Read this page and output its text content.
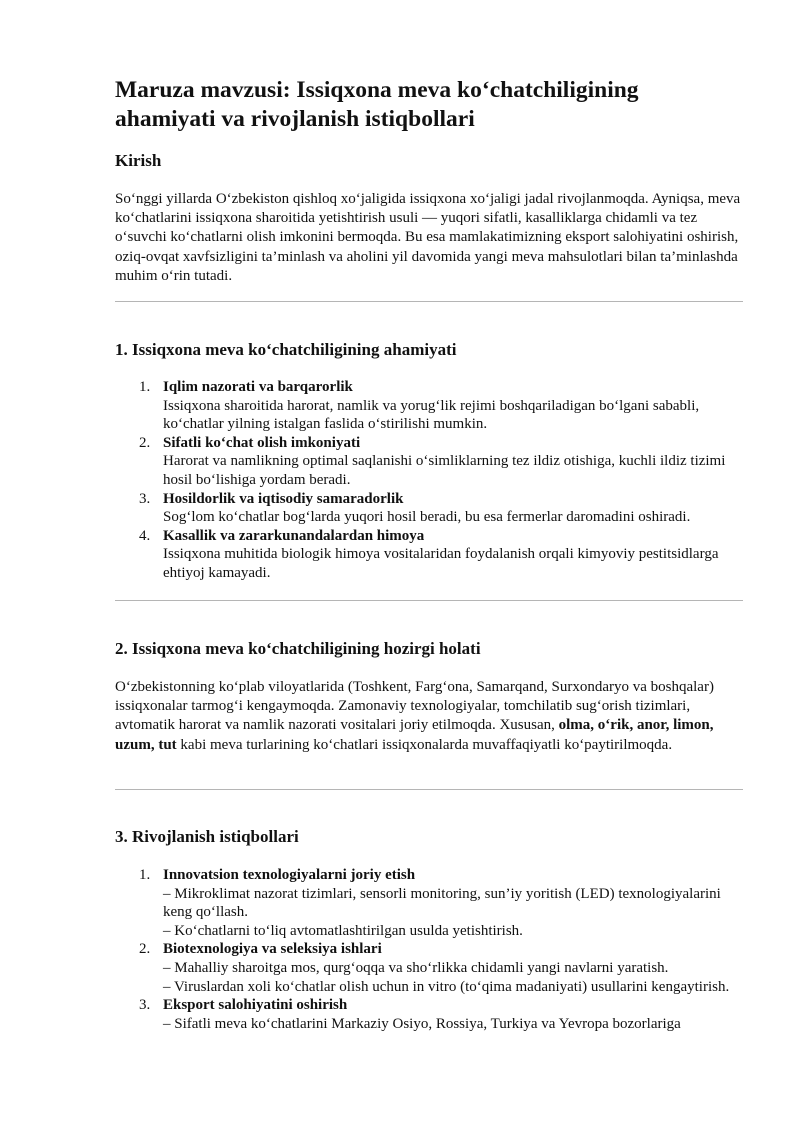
Maruza mavzusi: Issiqxona meva ko‘chatchiligining ahamiyati va rivojlanish istiqbollari
Kirish

So‘nggi yillarda O‘zbekiston qishloq xo‘jaligida issiqxona xo‘jaligi jadal rivojlanmoqda. Ayniqsa, meva ko‘chatlarini issiqxona sharoitida yetishtirish usuli — yuqori sifatli, kasalliklarga chidamli va tez o‘suvchi ko‘chatlarni olish imkonini bermoqda. Bu esa mamlakatimizning eksport salohiyatini oshirish, oziq-ovqat xavfsizligini ta’minlash va aholini yil davomida yangi meva mahsulotlari bilan ta’minlashda muhim o‘rin tutadi.

1. Issiqxona meva ko‘chatchiligining ahamiyati
1. Iqlim nazorati va barqarorlik
Issiqxona sharoitida harorat, namlik va yorug‘lik rejimi boshqariladigan bo‘lgani sababli, ko‘chatlar yilning istalgan faslida o‘stirilishi mumkin.
2. Sifatli ko‘chat olish imkoniyati
Harorat va namlikning optimal saqlanishi o‘simliklarning tez ildiz otishiga, kuchli ildiz tizimi hosil bo‘lishiga yordam beradi.
3. Hosildorlik va iqtisodiy samaradorlik
Sog‘lom ko‘chatlar bog‘larda yuqori hosil beradi, bu esa fermerlar daromadini oshiradi.
4. Kasallik va zararkunandalardan himoya
Issiqxona muhitida biologik himoya vositalaridan foydalanish orqali kimyoviy pestitsidlarga ehtiyoj kamayadi.
2. Issiqxona meva ko‘chatchiligining hozirgi holati

O‘zbekistonning ko‘plab viloyatlarida (Toshkent, Farg‘ona, Samarqand, Surxondaryo va boshqalar) issiqxonalar tarmog‘i kengaymoqda. Zamonaviy texnologiyalar, tomchilatib sug‘orish tizimlari, avtomatik harorat va namlik nazorati vositalari joriy etilmoqda. Xususan, olma, o‘rik, anor, limon, uzum, tut kabi meva turlarining ko‘chatlari issiqxonalarda muvaffaqiyatli ko‘paytirilmoqda.

3. Rivojlanish istiqbollari
1. Innovatsion texnologiyalarni joriy etish
– Mikroklimat nazorat tizimlari, sensorli monitoring, sun’iy yoritish (LED) texnologiyalarini keng qo‘llash.
– Ko‘chatlarni to‘liq avtomatlashtirilgan usulda yetishtirish.
2. Biotexnologiya va seleksiya ishlari
– Mahalliy sharoitga mos, qurg‘oqqa va sho‘rlikka chidamli yangi navlarni yaratish.
– Viruslardan xoli ko‘chatlar olish uchun in vitro (to‘qima madaniyati) usullarini kengaytirish.
3. Eksport salohiyatini oshirish
– Sifatli meva ko‘chatlarini Markaziy Osiyo, Rossiya, Turkiya va Yevropa bozorlariga
